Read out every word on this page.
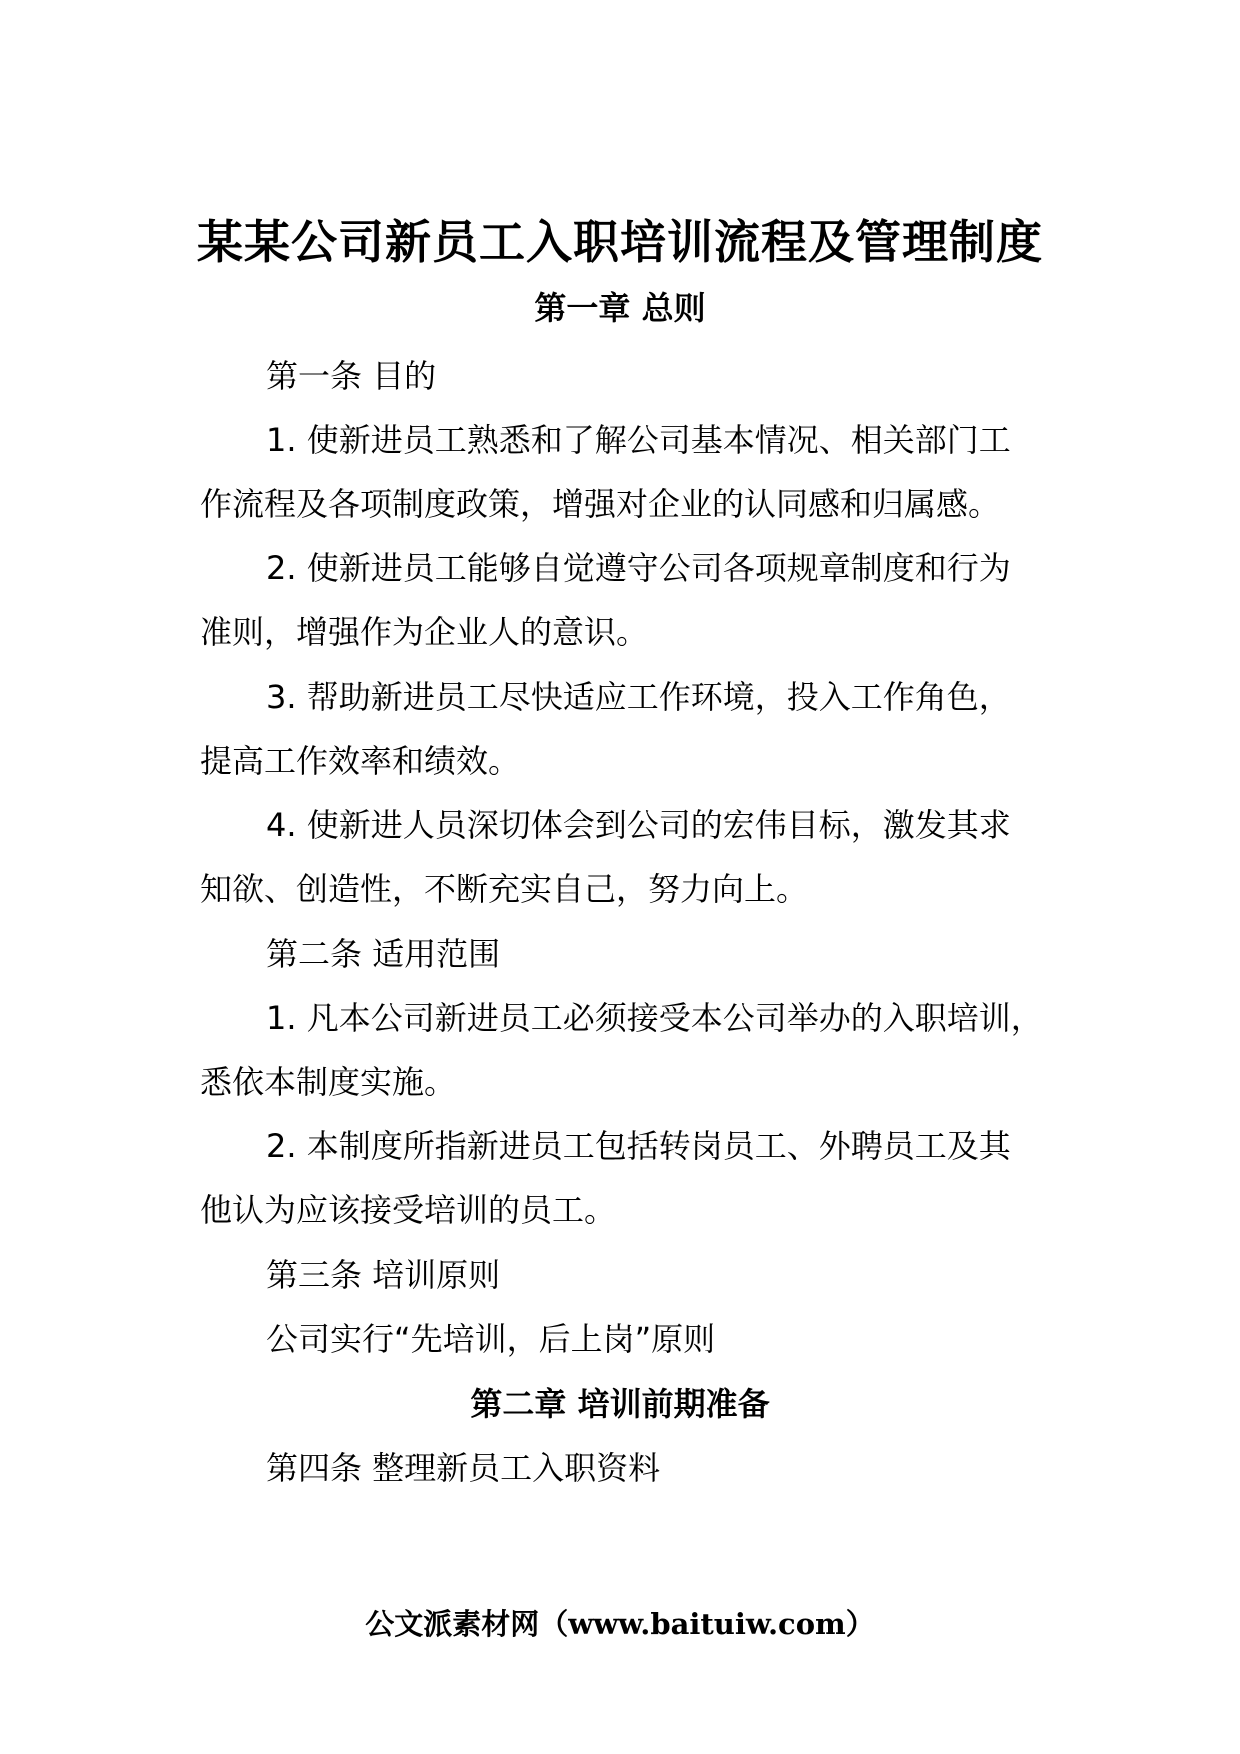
某某公司新员工入职培训流程及管理制度
第一章 总则
第一条 目的
1. 使新进员工熟悉和了解公司基本情况、相关部门工
作流程及各项制度政策，增强对企业的认同感和归属感。
2. 使新进员工能够自觉遵守公司各项规章制度和行为
准则，增强作为企业人的意识。
3. 帮助新进员工尽快适应工作环境，投入工作角色，
提高工作效率和绩效。
4. 使新进人员深切体会到公司的宏伟目标，激发其求
知欲、创造性，不断充实自己，努力向上。
第二条 适用范围
1. 凡本公司新进员工必须接受本公司举办的入职培训，
悉依本制度实施。
2. 本制度所指新进员工包括转岗员工、外聘员工及其
他认为应该接受培训的员工。
第三条 培训原则
公司实行“先培训，后上岗”原则
第二章 培训前期准备
第四条 整理新员工入职资料
公文派素材网（www.baituiw.com）
